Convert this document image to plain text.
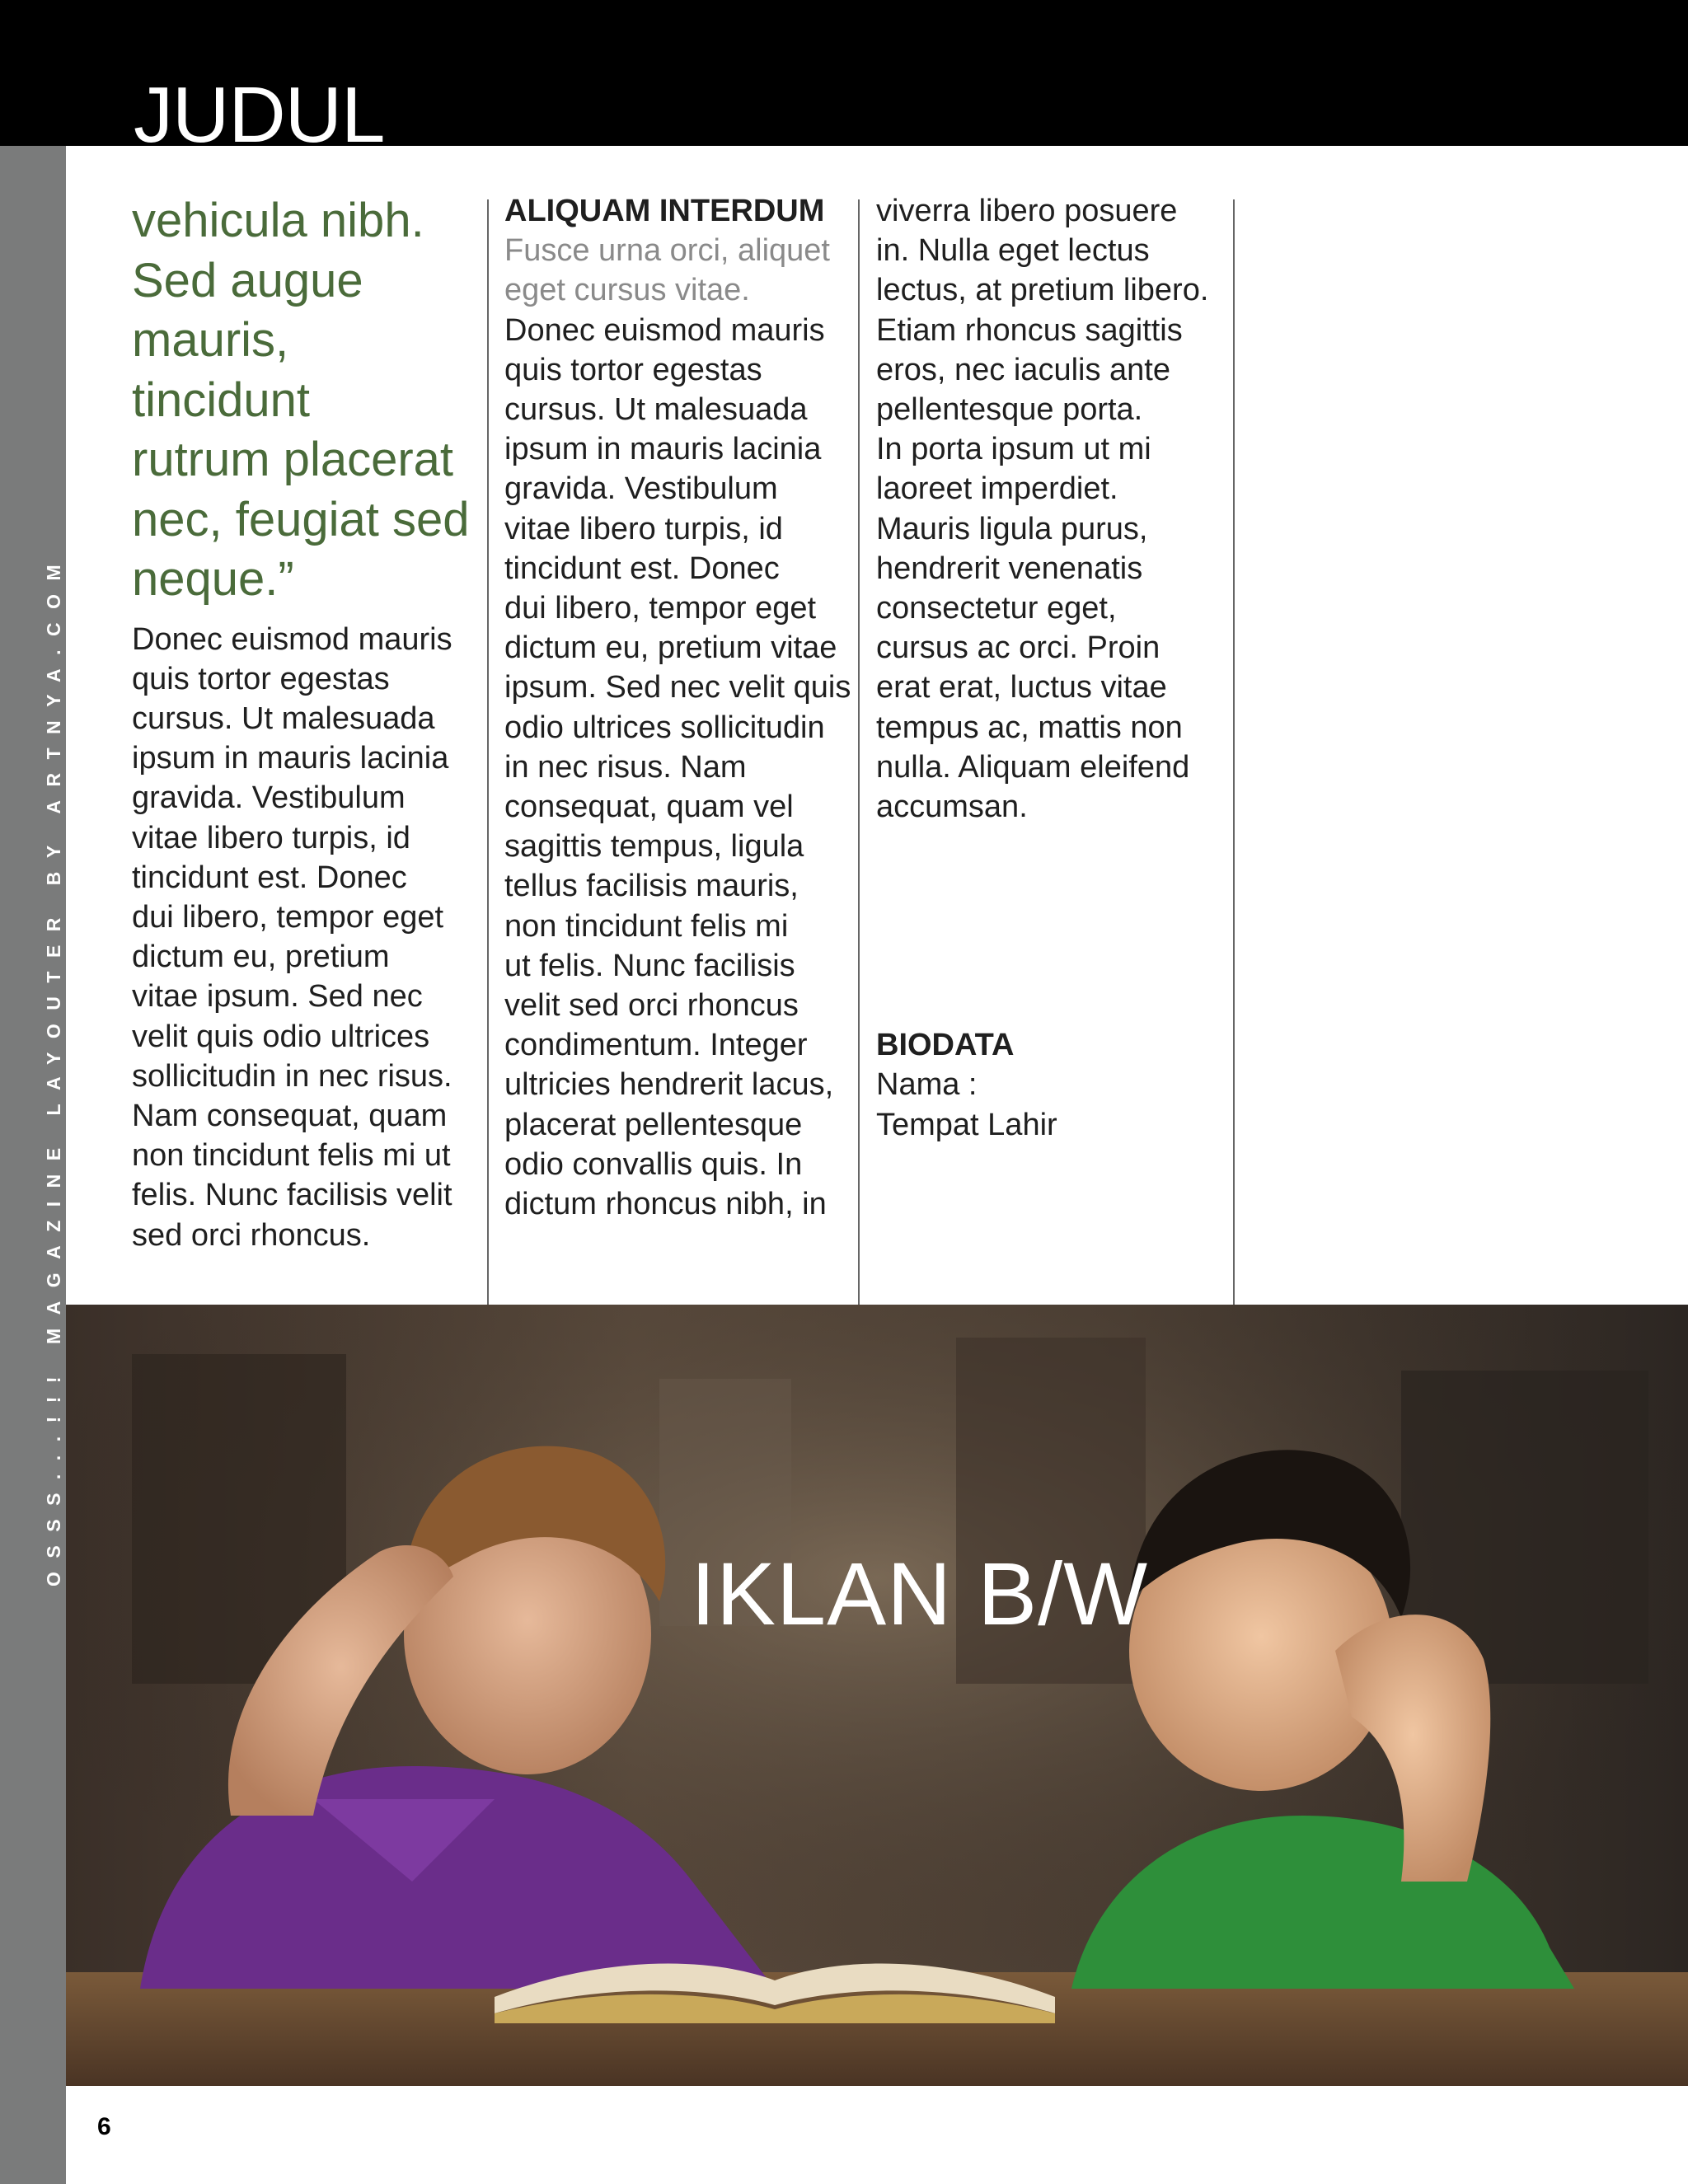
JUDUL
OSSS...!!! MAGAZINE LAYOUTER BY ARTNYA.COM

vehicula nibh.
Sed augue
mauris, tincidunt
rutrum placerat
nec, feugiat sed
neque.”

Donec euismod mauris
quis tortor egestas
cursus. Ut malesuada
ipsum in mauris lacinia
gravida. Vestibulum
vitae libero turpis, id
tincidunt est. Donec
dui libero, tempor eget
dictum eu, pretium
vitae ipsum. Sed nec
velit quis odio ultrices
sollicitudin in nec risus.
Nam consequat, quam
non tincidunt felis mi ut
felis. Nunc facilisis velit
sed orci rhoncus.

ALIQUAM INTERDUM
Fusce urna orci, aliquet
eget cursus vitae.
Donec euismod mauris
quis tortor egestas
cursus. Ut malesuada
ipsum in mauris lacinia
gravida. Vestibulum
vitae libero turpis, id
tincidunt est. Donec
dui libero, tempor eget
dictum eu, pretium vitae
ipsum. Sed nec velit quis
odio ultrices sollicitudin
in nec risus. Nam
consequat, quam vel
sagittis tempus, ligula
tellus facilisis mauris,
non tincidunt felis mi
ut felis. Nunc facilisis
velit sed orci rhoncus
condimentum. Integer
ultricies hendrerit lacus,
placerat pellentesque
odio convallis quis. In
dictum rhoncus nibh, in

viverra libero posuere
in. Nulla eget lectus
lectus, at pretium libero.
Etiam rhoncus sagittis
eros, nec iaculis ante
pellentesque porta.
In porta ipsum ut mi
laoreet imperdiet.
Mauris ligula purus,
hendrerit venenatis
consectetur eget,
cursus ac orci. Proin
erat erat, luctus vitae
tempus ac, mattis non
nulla. Aliquam eleifend
accumsan.

BIODATA
Nama :
Tempat Lahir

IKLAN B/W
6
